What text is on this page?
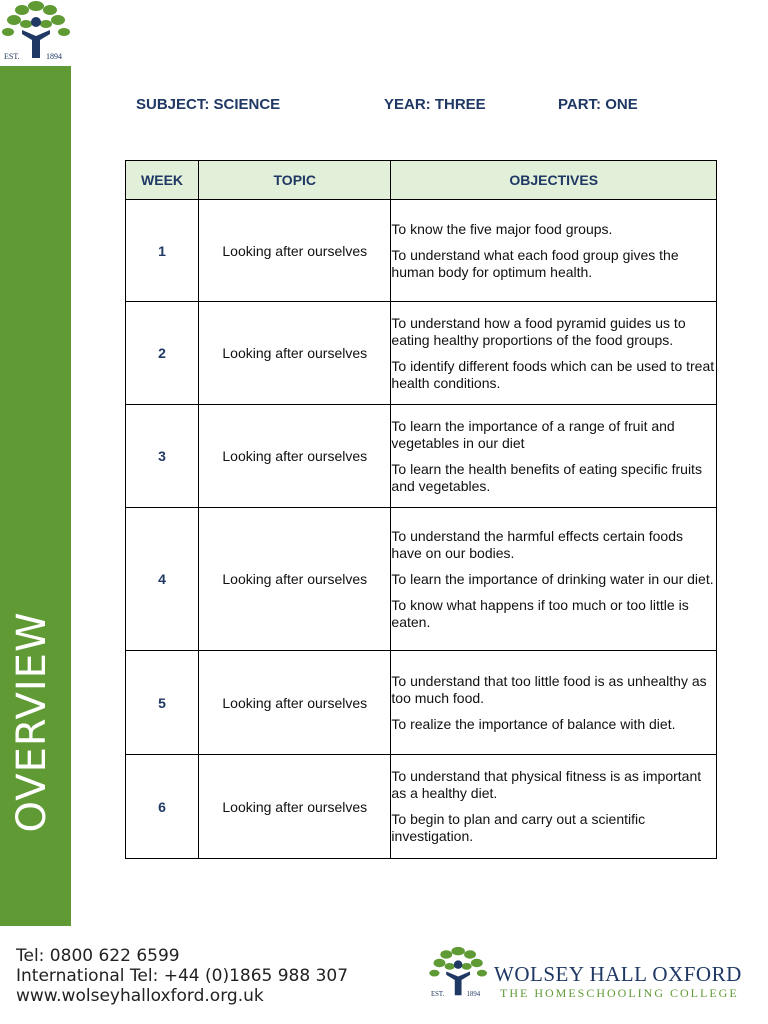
EST.	1894
OVERVIEW
SUBJECT: SCIENCE	YEAR: THREE	PART: ONE
WEEK	TOPIC	OBJECTIVES
1	Looking after ourselves	To know the five major food groups.

To understand what each food group gives the human body for optimum health.

2	Looking after ourselves	To understand how a food pyramid guides us to eating healthy proportions of the food groups.

To identify different foods which can be used to treat health conditions.

3	Looking after ourselves	To learn the importance of a range of fruit and vegetables in our diet

To learn the health benefits of eating specific fruits and vegetables.

4	Looking after ourselves	To understand the harmful effects certain foods have on our bodies.

To learn the importance of drinking water in our diet.

To know what happens if too much or too little is eaten.

5	Looking after ourselves	To understand that too little food is as unhealthy as too much food.

To realize the importance of balance with diet.

6	Looking after ourselves	To understand that physical fitness is as important as a healthy diet.

To begin to plan and carry out a scientific investigation.

Tel: 0800 622 6599
International Tel: +44 (0)1865 988 307
www.wolseyhalloxford.org.uk	EST.	1894
WOLSEY HALL OXFORD
THE HOMESCHOOLING COLLEGE
